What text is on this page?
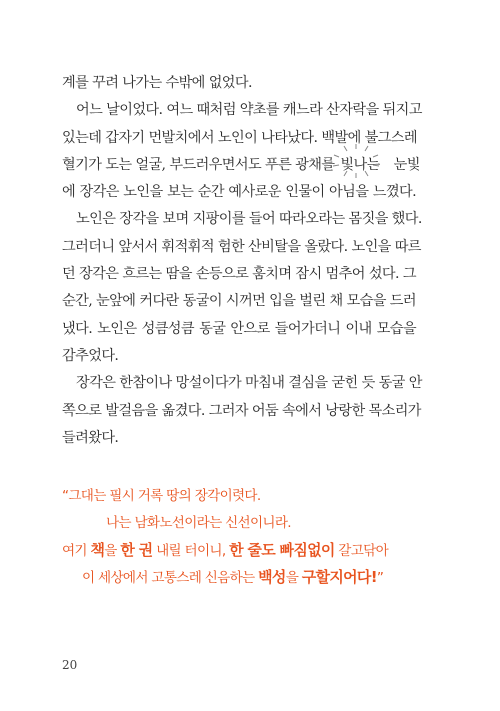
계를 꾸려 나가는 수밖에 없었다.
어느 날이었다. 여느 때처럼 약초를 캐느라 산자락을 뒤지고
있는데 갑자기 먼발치에서 노인이 나타났다. 백발에 불그스레
혈기가 도는 얼굴, 부드러우면서도 푸른 광채를 빛나는 눈빛
에 장각은 노인을 보는 순간 예사로운 인물이 아님을 느꼈다.
노인은 장각을 보며 지팡이를 들어 따라오라는 몸짓을 했다.
그러더니 앞서서 휘적휘적 험한 산비탈을 올랐다. 노인을 따르
던 장각은 흐르는 땀을 손등으로 훔치며 잠시 멈추어 섰다. 그
순간, 눈앞에 커다란 동굴이 시꺼먼 입을 벌린 채 모습을 드러
냈다. 노인은 성큼성큼 동굴 안으로 들어가더니 이내 모습을
감추었다.
장각은 한참이나 망설이다가 마침내 결심을 굳힌 듯 동굴 안
쪽으로 발걸음을 옮겼다. 그러자 어둠 속에서 낭랑한 목소리가
들려왔다.
“그대는 필시 거록 땅의 장각이렷다.
나는 남화노선이라는 신선이니라.
여기 책을 한 권 내릴 터이니, 한 줄도 빠짐없이 갈고닦아
이 세상에서 고통스레 신음하는 백성을 구할지어다!”
20
